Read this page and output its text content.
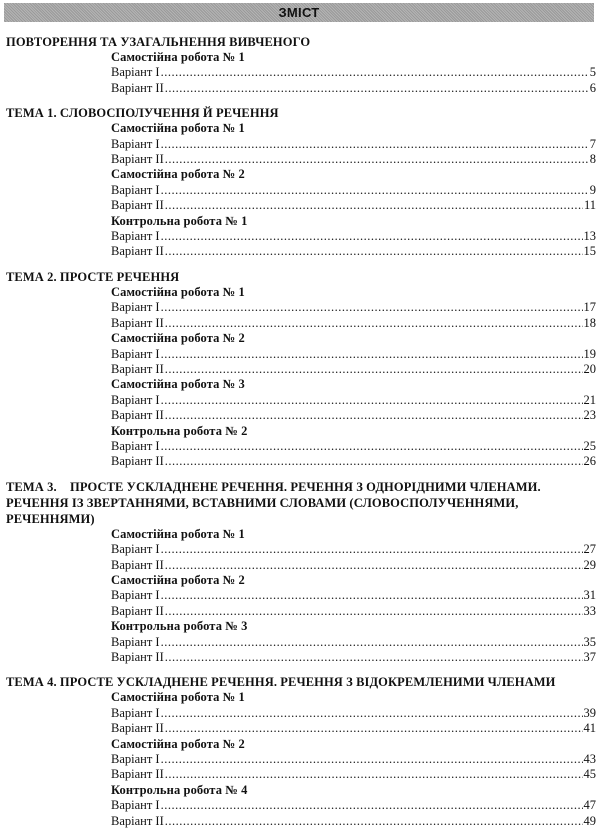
ЗМІСТ
ПОВТОРЕННЯ ТА УЗАГАЛЬНЕННЯ ВИВЧЕНОГО
Самостійна робота № 1
Варіант І .....	5
Варіант ІІ .....	6
ТЕМА 1. СЛОВОСПОЛУЧЕННЯ Й РЕЧЕННЯ
Самостійна робота № 1
Варіант І .....	7
Варіант ІІ .....	8
Самостійна робота № 2
Варіант І .....	9
Варіант ІІ .....	11
Контрольна робота № 1
Варіант І .....	13
Варіант ІІ .....	15
ТЕМА 2. ПРОСТЕ РЕЧЕННЯ
Самостійна робота № 1
Варіант І .....	17
Варіант ІІ .....	18
Самостійна робота № 2
Варіант І .....	19
Варіант ІІ .....	20
Самостійна робота № 3
Варіант І .....	21
Варіант ІІ .....	23
Контрольна робота № 2
Варіант І .....	25
Варіант ІІ .....	26
ТЕМА 3. ПРОСТЕ УСКЛАДНЕНЕ РЕЧЕННЯ. РЕЧЕННЯ З ОДНОРІДНИМИ ЧЛЕНАМИ. РЕЧЕННЯ ІЗ ЗВЕРТАННЯМИ, ВСТАВНИМИ СЛОВАМИ (СЛОВОСПОЛУЧЕННЯМИ, РЕЧЕННЯМИ)
Самостійна робота № 1
Варіант І .....	27
Варіант ІІ .....	29
Самостійна робота № 2
Варіант І .....	31
Варіант ІІ .....	33
Контрольна робота № 3
Варіант І .....	35
Варіант ІІ .....	37
ТЕМА 4. ПРОСТЕ УСКЛАДНЕНЕ РЕЧЕННЯ. РЕЧЕННЯ З ВІДОКРЕМЛЕНИМИ ЧЛЕНАМИ
Самостійна робота № 1
Варіант І .....	39
Варіант ІІ .....	41
Самостійна робота № 2
Варіант І .....	43
Варіант ІІ .....	45
Контрольна робота № 4
Варіант І .....	47
Варіант ІІ .....	49
